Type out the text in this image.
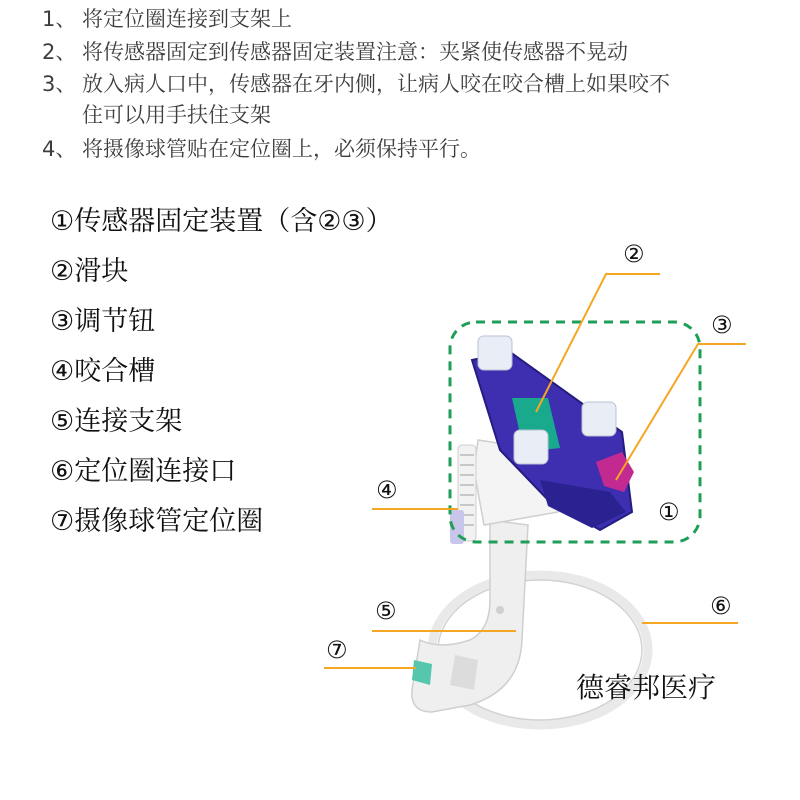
1、 将定位圈连接到支架上
2、 将传感器固定到传感器固定装置注意：夹紧使传感器不晃动
3、 放入病人口中，传感器在牙内侧，让病人咬在咬合槽上如果咬不
住可以用手扶住支架
4、 将摄像球管贴在定位圈上，必须保持平行。
①传感器固定装置（含②③）
②滑块
③调节钮
④咬合槽
⑤连接支架
⑥定位圈连接口
⑦摄像球管定位圈
②
③
④
①
⑤	⑥
⑦
德睿邦医疗
